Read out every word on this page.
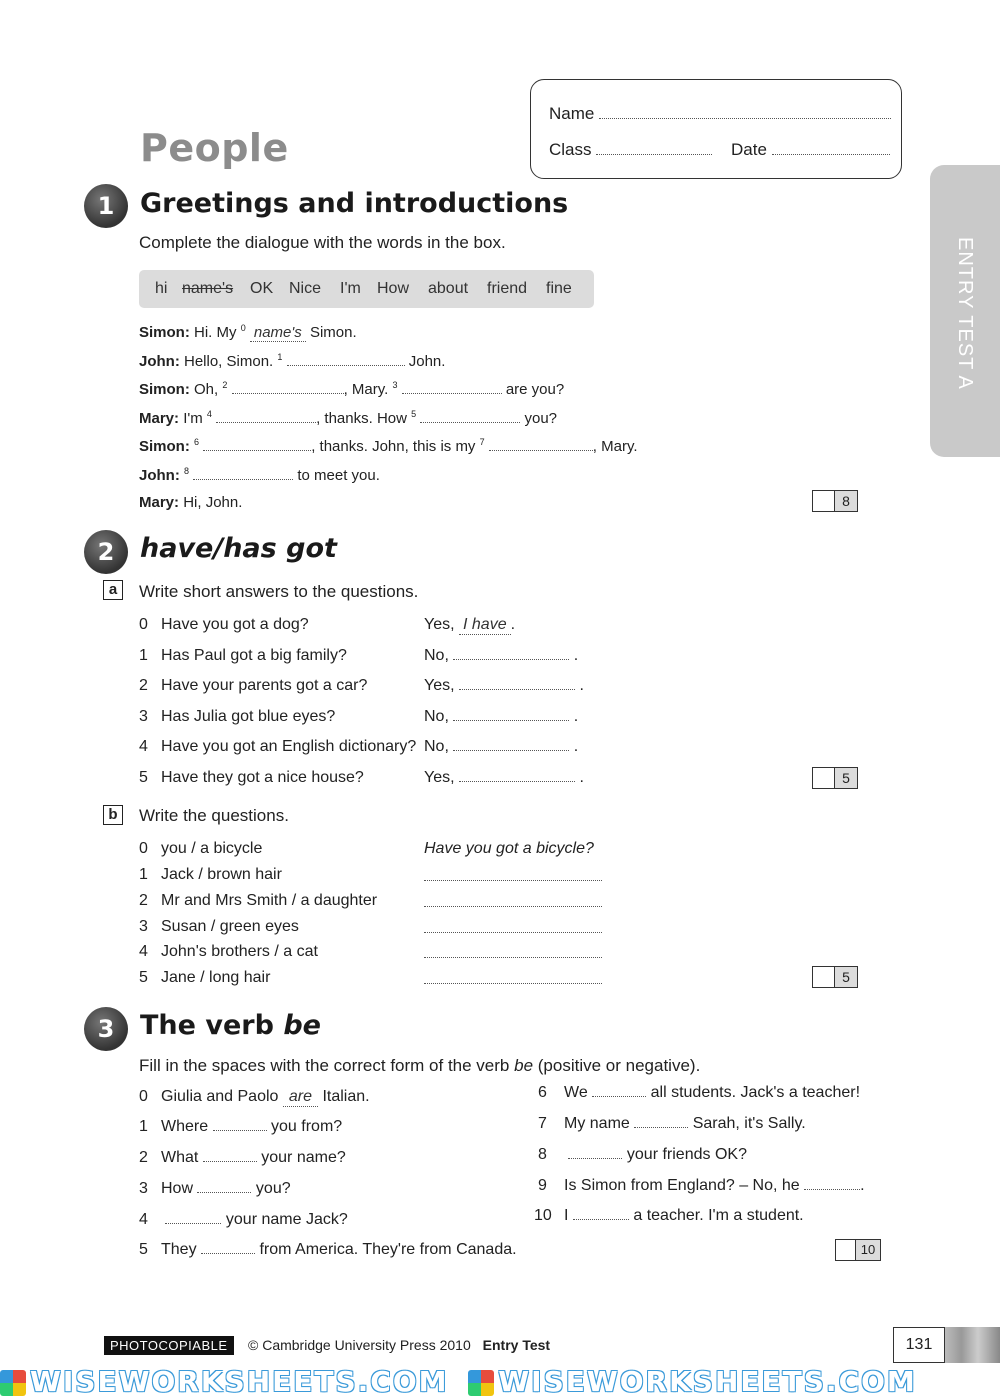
People
Name
Class	Date
ENTRY TEST A
1 Greetings and introductions
Complete the dialogue with the words in the box.
hi name's OK Nice I'm How about friend fine
Simon: Hi. My $^0$ name's Simon.
John: Hello, Simon. $^1$	John.
Simon: Oh, $^2$	, Mary. $^3$	are you?
Mary: I'm $^4$	, thanks. How $^5$	you?
Simon: $^6$	, thanks. John, this is my $^7$	, Mary.
John: $^8$	to meet you.
Mary: Hi, John.	8
2 have/has got
a	Write short answers to the questions.
0 Have you got a dog?	Yes, I have .
1 Has Paul got a big family?	No,	.
2 Have your parents got a car?	Yes,	.
3 Has Julia got blue eyes?	No,	.
4 Have you got an English dictionary? No,	.
5 Have they got a nice house?	Yes,	.	5
b	Write the questions.
0 you / a bicycle	Have you got a bicycle?
1 Jack / brown hair
2 Mr and Mrs Smith / a daughter
3 Susan / green eyes
4 John's brothers / a cat
5 Jane / long hair	5
3 The verb be
Fill in the spaces with the correct form of the verb be (positive or negative).
0 Giulia and Paolo are Italian.
1 Where	you from?
2 What	your name?
3 How	you?
4	your name Jack?
5 They	from America. They're from Canada.
6 We	all students. Jack's a teacher!
7 My name	Sarah, it's Sally.
8	your friends OK?
9 Is Simon from England? – No, he	.
10 I	a teacher. I'm a student.
10
PHOTOCOPIABLE	© Cambridge University Press 2010 Entry Test	131
WISEWORKSHEETS.COM WISEWORKSHEETS.COM
